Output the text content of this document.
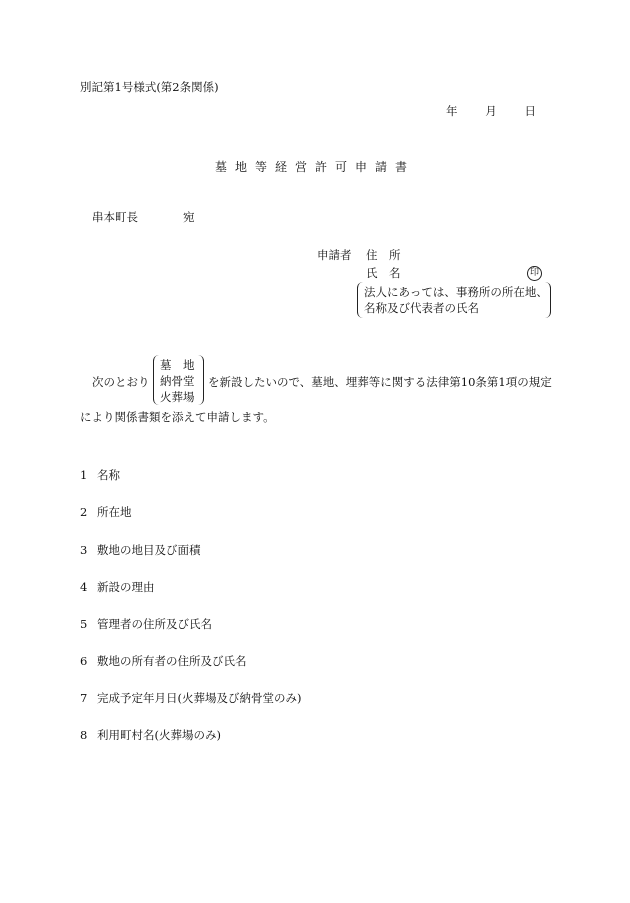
別記第1号様式(第2条関係)
年 月 日
墓地等経営許可申請書
串本町長	宛
申請者 住　所
氏　名	印
法人にあっては、事務所の所在地、
名称及び代表者の氏名
次のとおり
墓　地
納骨堂
火葬場
を新設したいので、墓地、埋葬等に関する法律第10条第1項の規定
により関係書類を添えて申請します。
1 名称
2 所在地
3 敷地の地目及び面積
4 新設の理由
5 管理者の住所及び氏名
6 敷地の所有者の住所及び氏名
7 完成予定年月日(火葬場及び納骨堂のみ)
8 利用町村名(火葬場のみ)
